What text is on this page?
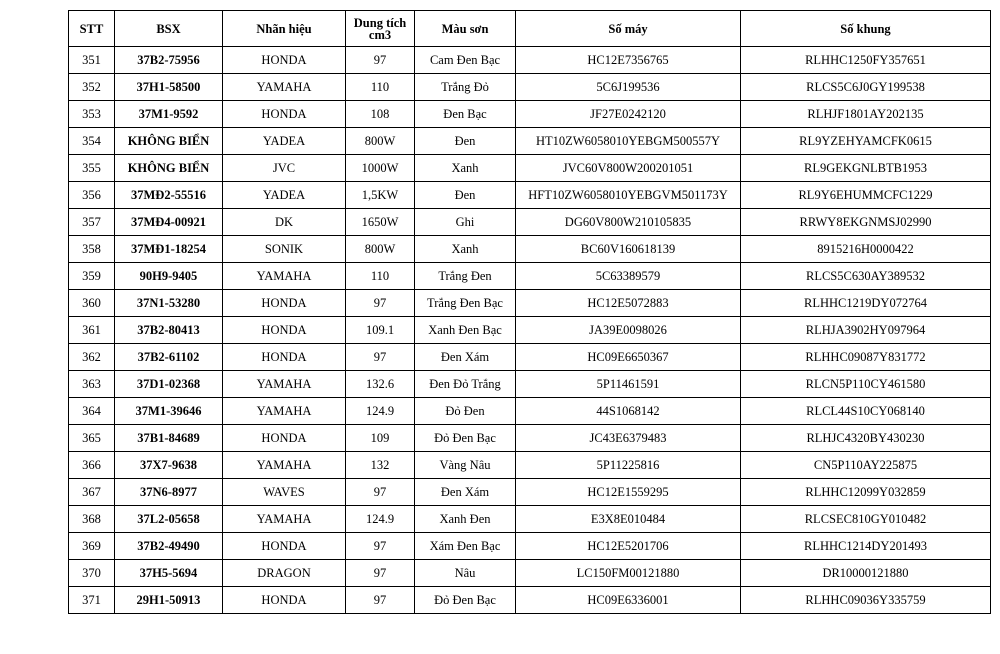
STT	BSX	Nhãn hiệu	Dung tích cm3	Màu sơn	Số máy	Số khung
351	37B2-75956	HONDA	97	Cam Đen Bạc	HC12E7356765	RLHHC1250FY357651
352	37H1-58500	YAMAHA	110	Trắng Đỏ	5C6J199536	RLCS5C6J0GY199538
353	37M1-9592	HONDA	108	Đen Bạc	JF27E0242120	RLHJF1801AY202135
354	KHÔNG BIỂN	YADEA	800W	Đen	HT10ZW6058010YEBGM500557Y	RL9YZEHYAMCFK0615
355	KHÔNG BIỂN	JVC	1000W	Xanh	JVC60V800W200201051	RL9GEKGNLBTB1953
356	37MĐ2-55516	YADEA	1,5KW	Đen	HFT10ZW6058010YEBGVM501173Y	RL9Y6EHUMMCFC1229
357	37MĐ4-00921	DK	1650W	Ghi	DG60V800W210105835	RRWY8EKGNMSJ02990
358	37MĐ1-18254	SONIK	800W	Xanh	BC60V160618139	8915216H0000422
359	90H9-9405	YAMAHA	110	Trắng Đen	5C63389579	RLCS5C630AY389532
360	37N1-53280	HONDA	97	Trắng Đen Bạc	HC12E5072883	RLHHC1219DY072764
361	37B2-80413	HONDA	109.1	Xanh Đen Bạc	JA39E0098026	RLHJA3902HY097964
362	37B2-61102	HONDA	97	Đen Xám	HC09E6650367	RLHHC09087Y831772
363	37D1-02368	YAMAHA	132.6	Đen Đỏ Trắng	5P11461591	RLCN5P110CY461580
364	37M1-39646	YAMAHA	124.9	Đỏ Đen	44S1068142	RLCL44S10CY068140
365	37B1-84689	HONDA	109	Đỏ Đen Bạc	JC43E6379483	RLHJC4320BY430230
366	37X7-9638	YAMAHA	132	Vàng Nâu	5P11225816	CN5P110AY225875
367	37N6-8977	WAVES	97	Đen Xám	HC12E1559295	RLHHC12099Y032859
368	37L2-05658	YAMAHA	124.9	Xanh Đen	E3X8E010484	RLCSEC810GY010482
369	37B2-49490	HONDA	97	Xám Đen Bạc	HC12E5201706	RLHHC1214DY201493
370	37H5-5694	DRAGON	97	Nâu	LC150FM00121880	DR10000121880
371	29H1-50913	HONDA	97	Đỏ Đen Bạc	HC09E6336001	RLHHC09036Y335759
